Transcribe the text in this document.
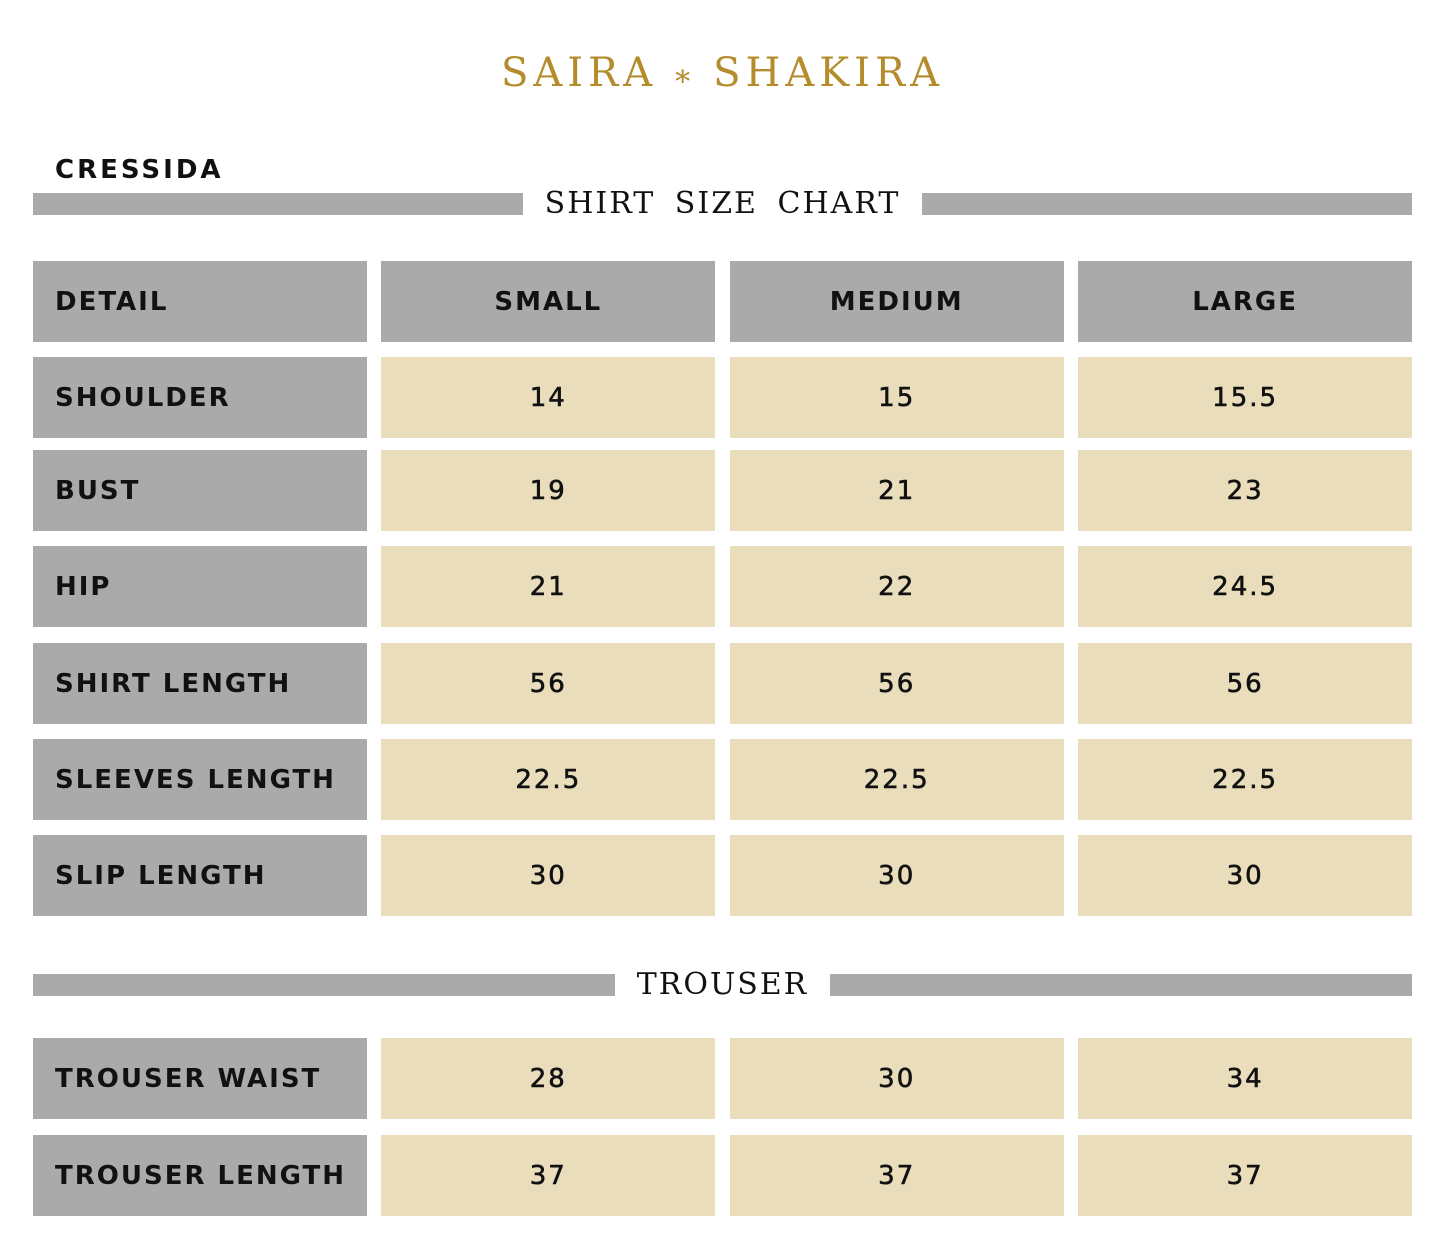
SAIRA ⁎ SHAKIRA
CRESSIDA
SHIRT SIZE CHART
DETAIL	SMALL	MEDIUM	LARGE
SHOULDER	14	15	15.5
BUST	19	21	23
HIP	21	22	24.5
SHIRT LENGTH	56	56	56
SLEEVES LENGTH	22.5	22.5	22.5
SLIP LENGTH	30	30	30
TROUSER
TROUSER WAIST	28	30	34
TROUSER LENGTH	37	37	37
